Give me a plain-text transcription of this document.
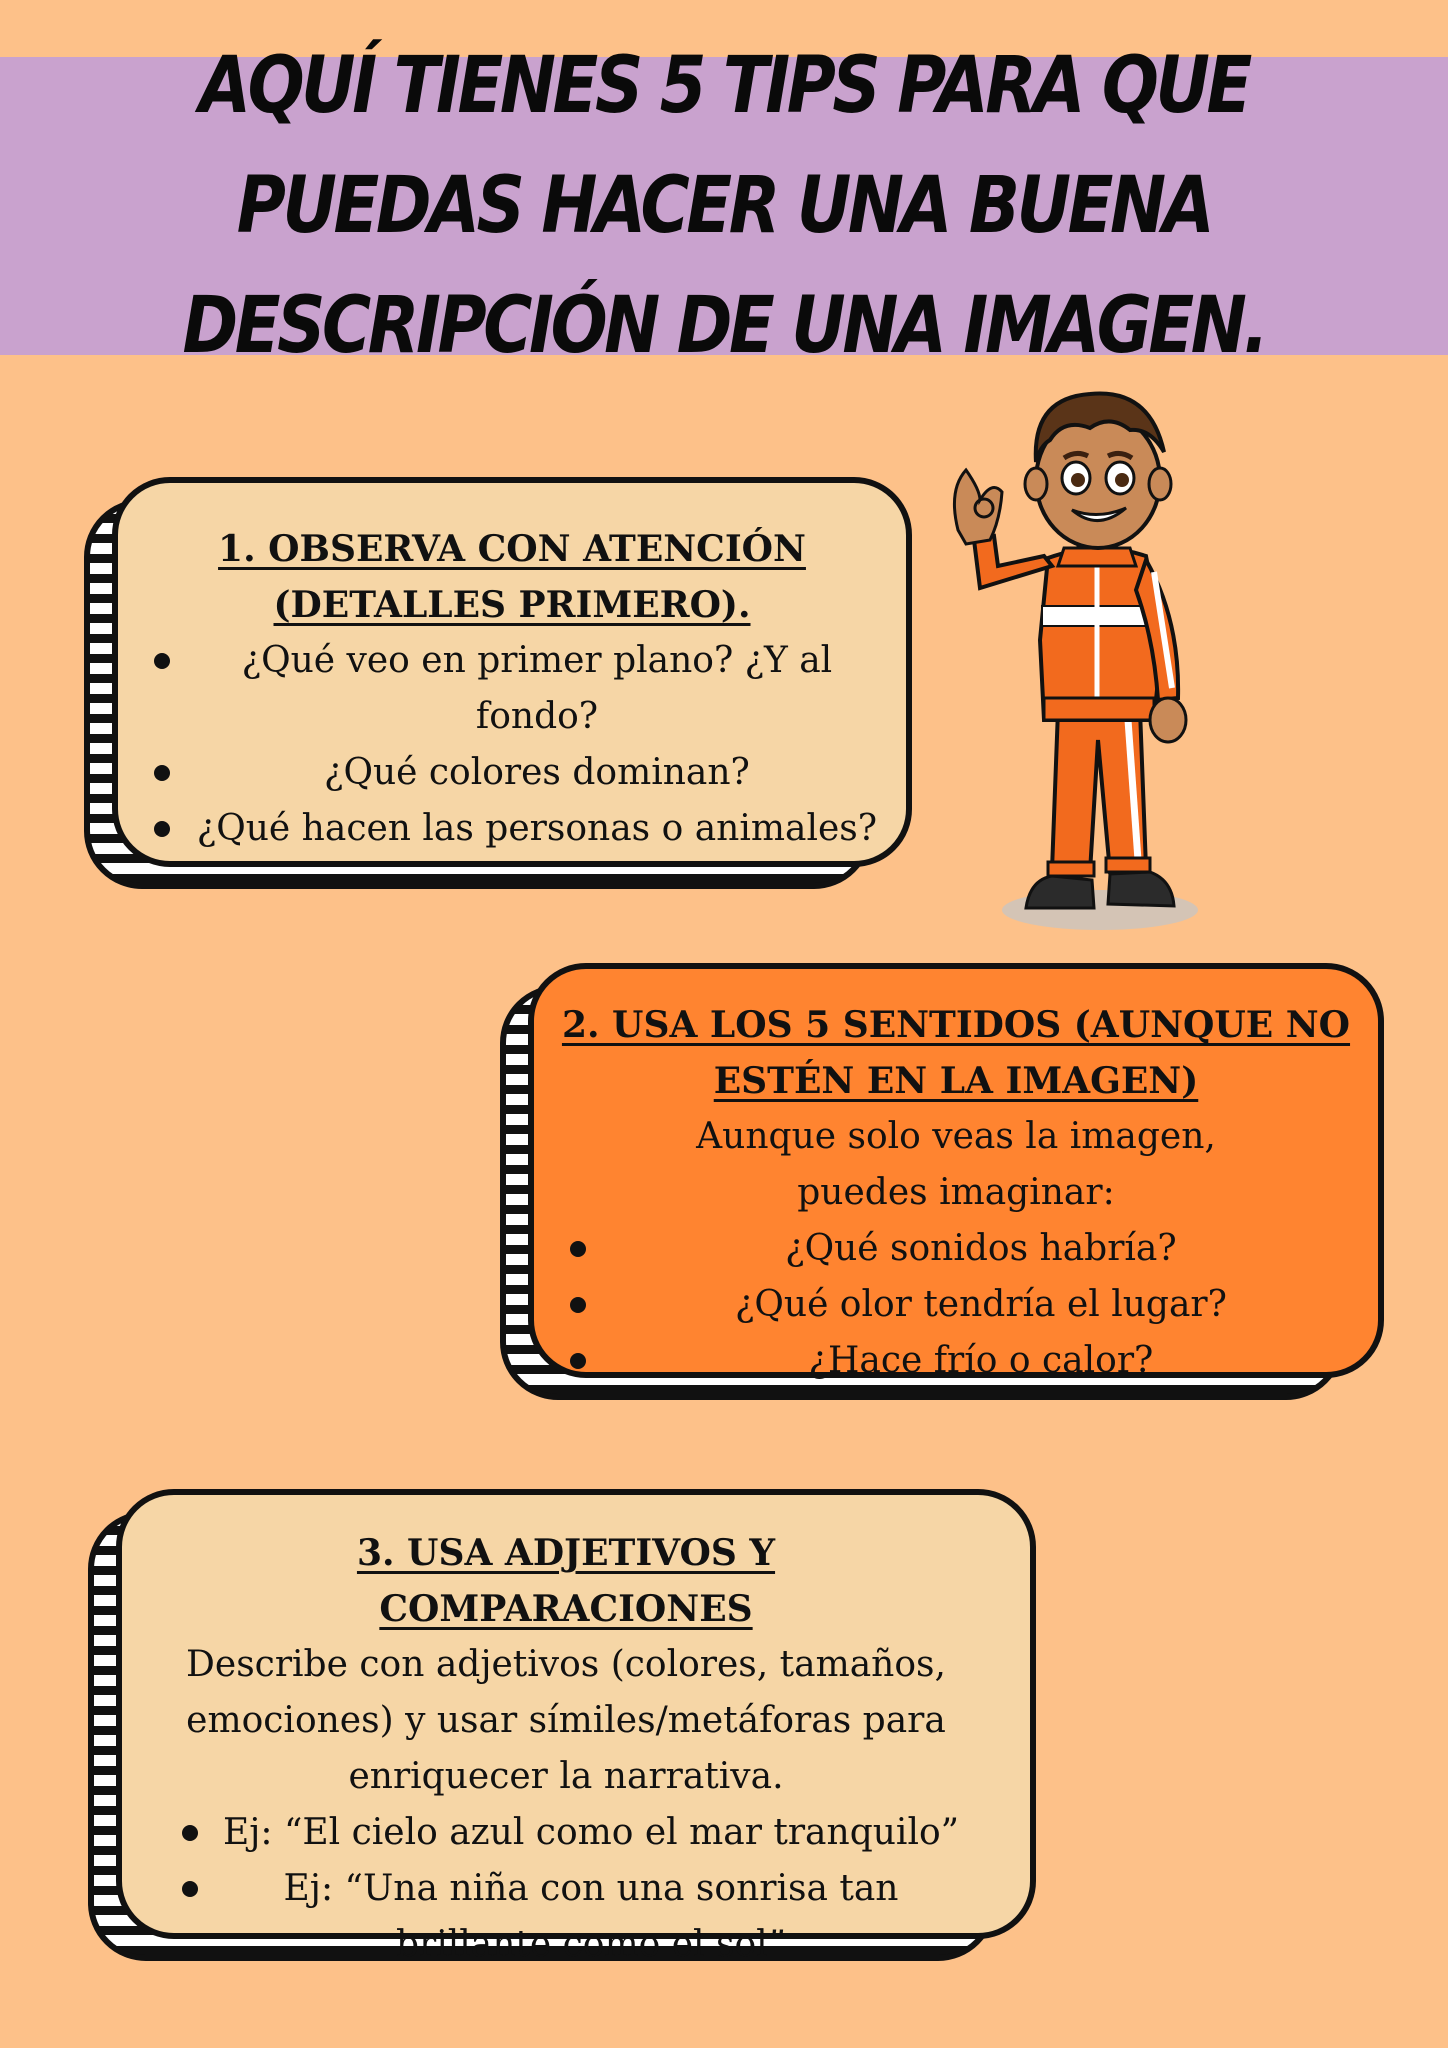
AQUÍ TIENES 5 TIPS PARA QUE PUEDAS HACER UNA BUENA DESCRIPCIÓN DE UNA IMAGEN.
1. OBSERVA CON ATENCIÓN (DETALLES PRIMERO).
¿Qué veo en primer plano? ¿Y al fondo?
¿Qué colores dominan?
¿Qué hacen las personas o animales?
2. USA LOS 5 SENTIDOS (AUNQUE NO ESTÉN EN LA IMAGEN)
Aunque solo veas la imagen, puedes imaginar:
¿Qué sonidos habría?
¿Qué olor tendría el lugar?
¿Hace frío o calor?
3. USA ADJETIVOS Y COMPARACIONES
Describe con adjetivos (colores, tamaños, emociones) y usar símiles/metáforas para enriquecer la narrativa.
Ej: “El cielo azul como el mar tranquilo”
Ej: “Una niña con una sonrisa tan brillante como el sol”
